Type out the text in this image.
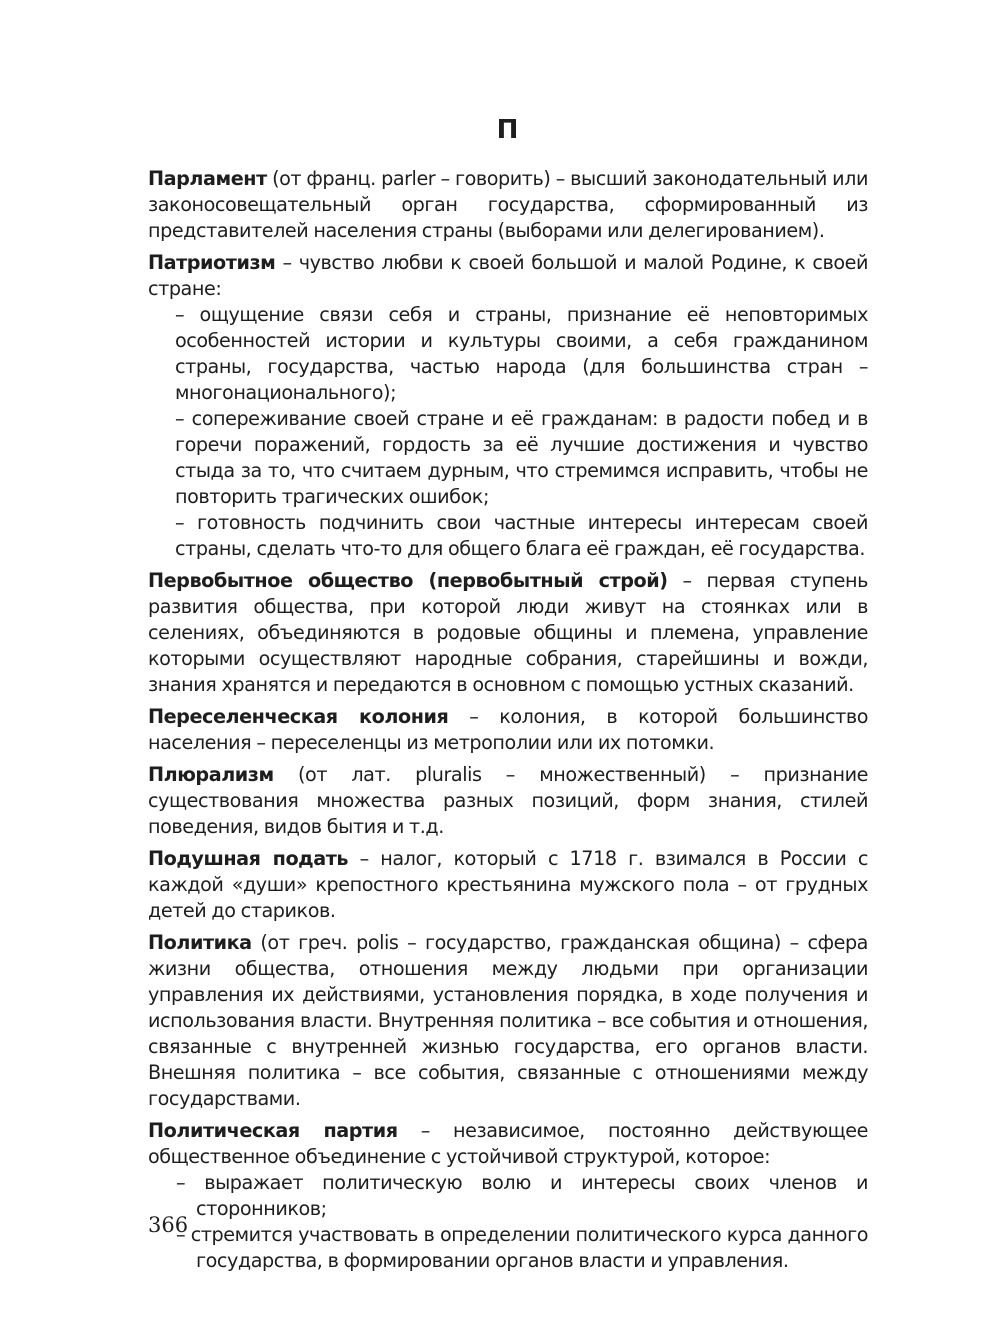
П

Парламент (от франц. parler – говорить) – высший законодательный или законосовещательный орган государства, сформированный из представителей населения страны (выборами или делегированием).

Патриотизм – чувство любви к своей большой и малой Родине, к своей стране:

– ощущение связи себя и страны, признание её неповторимых особенностей истории и культуры своими, а себя гражданином страны, государства, частью народа (для большинства стран – многонационального);

– сопереживание своей стране и её гражданам: в радости побед и в горечи поражений, гордость за её лучшие достижения и чувство стыда за то, что считаем дурным, что стремимся исправить, чтобы не повторить трагических ошибок;

– готовность подчинить свои частные интересы интересам своей страны, сделать что-то для общего блага её граждан, её государства.

Первобытное общество (первобытный строй) – первая ступень развития общества, при которой люди живут на стоянках или в селениях, объединяются в родовые общины и племена, управление которыми осуществляют народные собрания, старейшины и вожди, знания хранятся и передаются в основном с помощью устных сказаний.

Переселенческая колония – колония, в которой большинство населения – переселенцы из метрополии или их потомки.

Плюрализм (от лат. pluralis – множественный) – признание существования множества разных позиций, форм знания, стилей поведения, видов бытия и т.д.

Подушная подать – налог, который с 1718 г. взимался в России с каждой «души» крепостного крестьянина мужского пола – от грудных детей до стариков.

Политика (от греч. polis – государство, гражданская община) – сфера жизни общества, отношения между людьми при организации управления их действиями, установления порядка, в ходе получения и использования власти. Внутренняя политика – все события и отношения, связанные с внутренней жизнью государства, его органов власти. Внешняя политика – все события, связанные с отношениями между государствами.

Политическая партия – независимое, постоянно действующее общественное объединение с устойчивой структурой, которое:

– выражает политическую волю и интересы своих членов и сторонников;

– стремится участвовать в определении политического курса данного государства, в формировании органов власти и управления.

366
